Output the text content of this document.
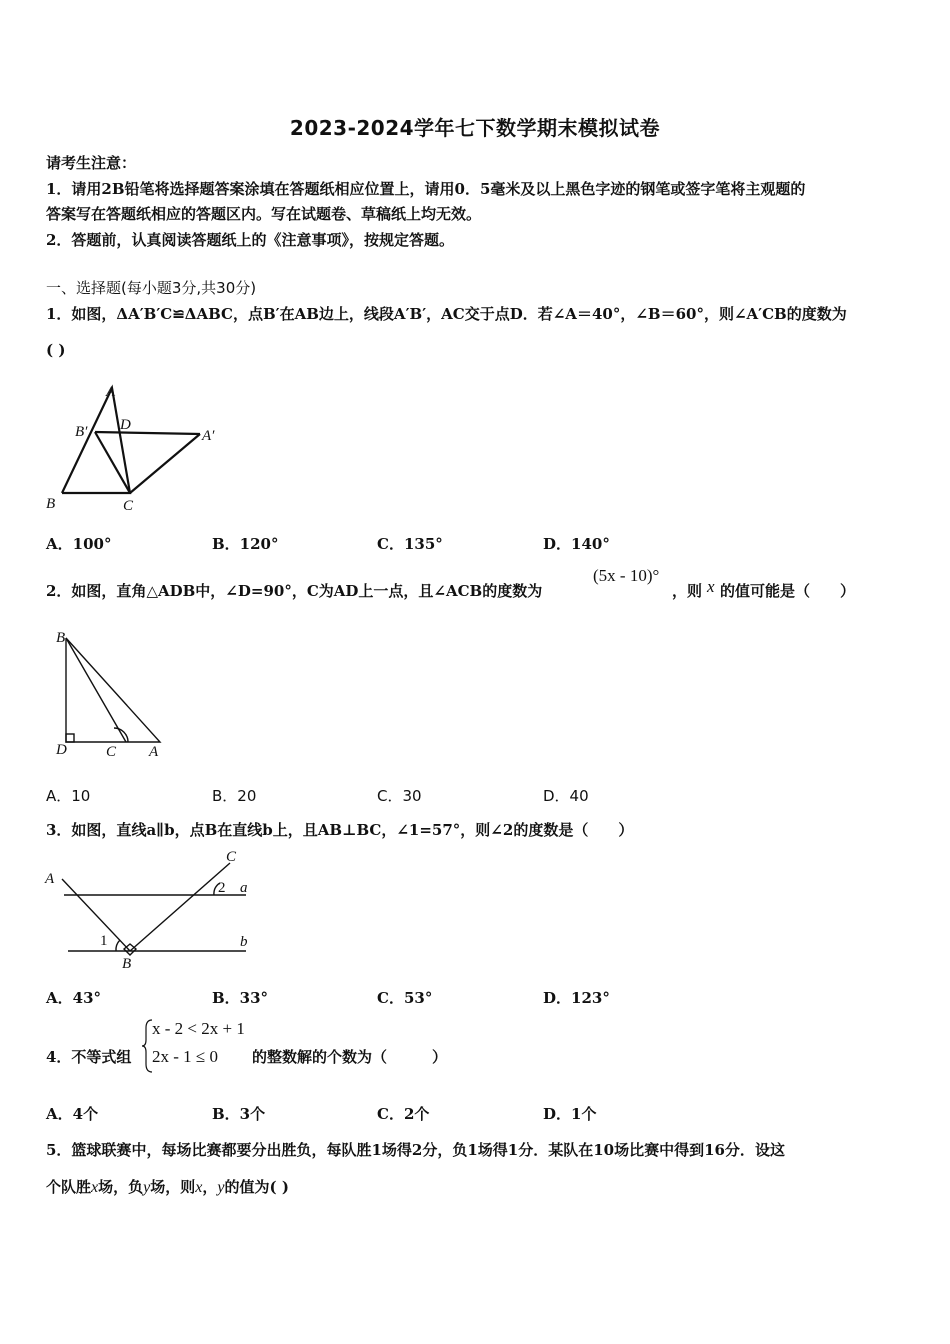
2023-2024学年七下数学期末模拟试卷
请考生注意：
1．请用2B铅笔将选择题答案涂填在答题纸相应位置上，请用0．5毫米及以上黑色字迹的钢笔或签字笔将主观题的
答案写在答题纸相应的答题区内。写在试题卷、草稿纸上均无效。
2．答题前，认真阅读答题纸上的《注意事项》，按规定答题。
一、选择题(每小题3分,共30分)
1．如图，ΔA′B′C≌ΔABC，点B′在AB边上，线段A′B′，AC交于点D．若∠A＝40°，∠B＝60°，则∠A′CB的度数为
( )
A
B′ D
A′
B	C
A．100°	B．120°	C．135°	D．140°
2．如图，直角△ADB中，∠D=90°，C为AD上一点，且∠ACB的度数为
(5x - 10)°
，则 x 的值可能是（　　）
B
D	C A
A．10	B．20	C．30	D．40
3．如图，直线a∥b，点B在直线b上，且AB⊥BC，∠1=57°，则∠2的度数是（　　）
C
A
2 a
1	b
B
A．43°	B．33°	C．53°	D．123°
4．不等式组
x - 2 < 2x + 1
2x - 1 ≤ 0 的整数解的个数为（　　　）
A．4个	B．3个	C．2个	D．1个
5．篮球联赛中，每场比赛都要分出胜负，每队胜1场得2分，负1场得1分．某队在10场比赛中得到16分．设这
个队胜x场，负y场，则x，y的值为( )
